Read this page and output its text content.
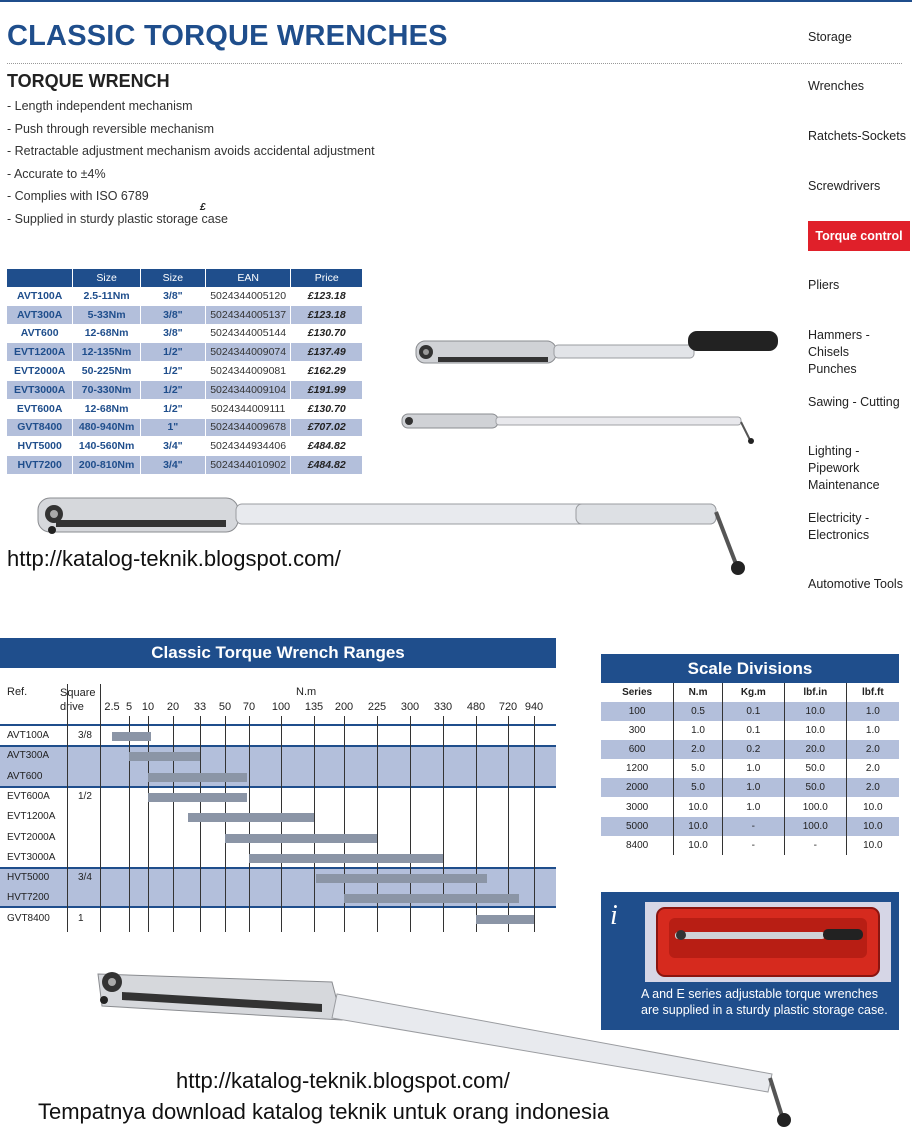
CLASSIC TORQUE WRENCHES
TORQUE WRENCH
- Length independent mechanism
- Push through reversible mechanism
- Retractable adjustment mechanism avoids accidental adjustment
- Accurate to ±4%
- Complies with ISO 6789
- Supplied in sturdy plastic storage case
£
	Size	Size	EAN	Price
AVT100A	2.5-11Nm	3/8"	5024344005120	£123.18
AVT300A	5-33Nm	3/8"	5024344005137	£123.18
AVT600	12-68Nm	3/8"	5024344005144	£130.70
EVT1200A	12-135Nm	1/2"	5024344009074	£137.49
EVT2000A	50-225Nm	1/2"	5024344009081	£162.29
EVT3000A	70-330Nm	1/2"	5024344009104	£191.99
EVT600A	12-68Nm	1/2"	5024344009111	£130.70
GVT8400	480-940Nm	1"	5024344009678	£707.02
HVT5000	140-560Nm	3/4"	5024344934406	£484.82
HVT7200	200-810Nm	3/4"	5024344010902	£484.82
Storage
Wrenches
Ratchets-Sockets
Screwdrivers
Torque control
Pliers
Hammers - Chisels
Punches
Sawing - Cutting
Lighting - Pipework
Maintenance
Electricity -
Electronics
Automotive Tools
http://katalog-teknik.blogspot.com/
Classic Torque Wrench Ranges
Ref.	Square
drive
N.m
2.5 5 10 20 33 50 70 100 135 200 225 300 330 480 720 940
AVT100A	3/8
AVT300A
AVT600
EVT600A	1/2
EVT1200A
EVT2000A
EVT3000A
HVT5000	3/4
HVT7200
GVT8400	1
Scale Divisions
Series	N.m	Kg.m	lbf.in	lbf.ft
100	0.5	0.1	10.0	1.0
300	1.0	0.1	10.0	1.0
600	2.0	0.2	20.0	2.0
1200	5.0	1.0	50.0	2.0
2000	5.0	1.0	50.0	2.0
3000	10.0	1.0	100.0	10.0
5000	10.0	-	100.0	10.0
8400	10.0	-	-	10.0
i
A and E series adjustable torque wrenches are supplied in a sturdy plastic storage case.
http://katalog-teknik.blogspot.com/
Tempatnya download katalog teknik untuk orang indonesia
